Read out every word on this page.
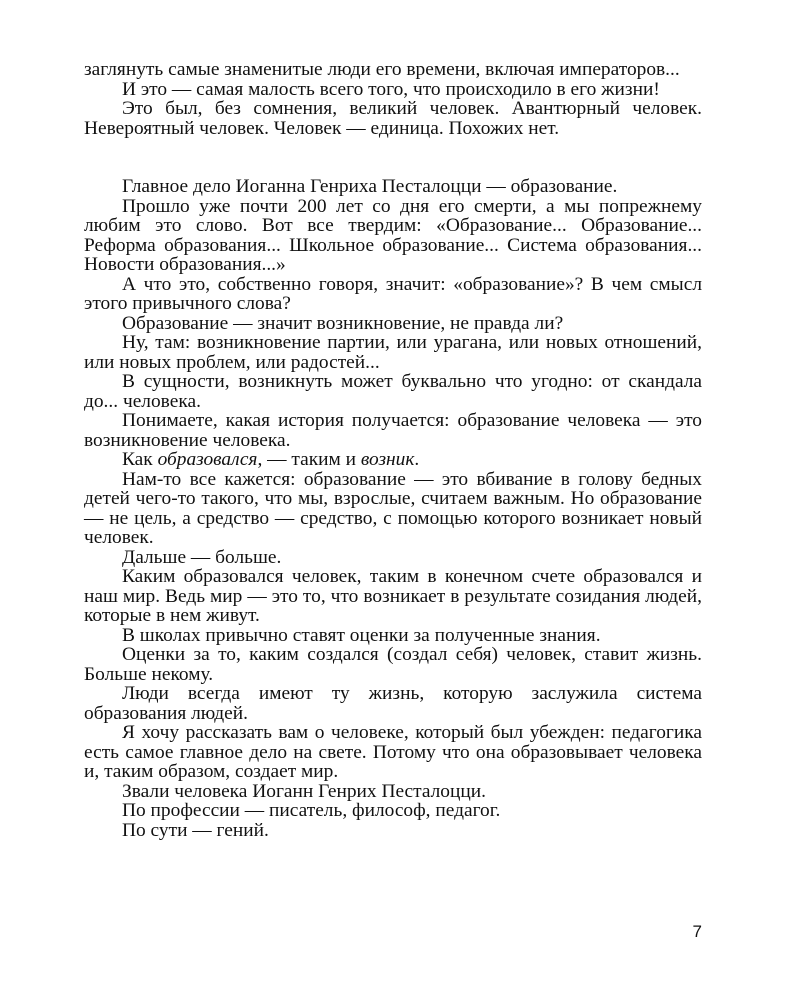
заглянуть самые знаменитые люди его времени, включая императоров...

И это — самая малость всего того, что происходило в его жизни!

Это был, без сомнения, великий человек. Авантюрный человек. Невероятный человек. Человек — единица. Похожих нет.

Главное дело Иоганна Генриха Песталоцци — образование.

Прошло уже почти 200 лет со дня его смерти, а мы попрежнему любим это слово. Вот все твердим: «Образование... Образование... Реформа образования... Школьное образование... Система образования... Новости образования...»

А что это, собственно говоря, значит: «образование»? В чем смысл этого привычного слова?

Образование — значит возникновение, не правда ли?

Ну, там: возникновение партии, или урагана, или новых отношений, или новых проблем, или радостей...

В сущности, возникнуть может буквально что угодно: от скандала до... человека.

Понимаете, какая история получается: образование человека — это возникновение человека.

Как образовался, — таким и возник.

Нам-то все кажется: образование — это вбивание в голову бедных детей чего-то такого, что мы, взрослые, считаем важным. Но образование — не цель, а средство — средство, с помощью которого возникает новый человек.

Дальше — больше.

Каким образовался человек, таким в конечном счете образовался и наш мир. Ведь мир — это то, что возникает в результате созидания людей, которые в нем живут.

В школах привычно ставят оценки за полученные знания.

Оценки за то, каким создался (создал себя) человек, ставит жизнь. Больше некому.

Люди всегда имеют ту жизнь, которую заслужила система образования людей.

Я хочу рассказать вам о человеке, который был убежден: педагогика есть самое главное дело на свете. Потому что она образовывает человека и, таким образом, создает мир.

Звали человека Иоганн Генрих Песталоцци.

По профессии — писатель, философ, педагог.

По сути — гений.

7
